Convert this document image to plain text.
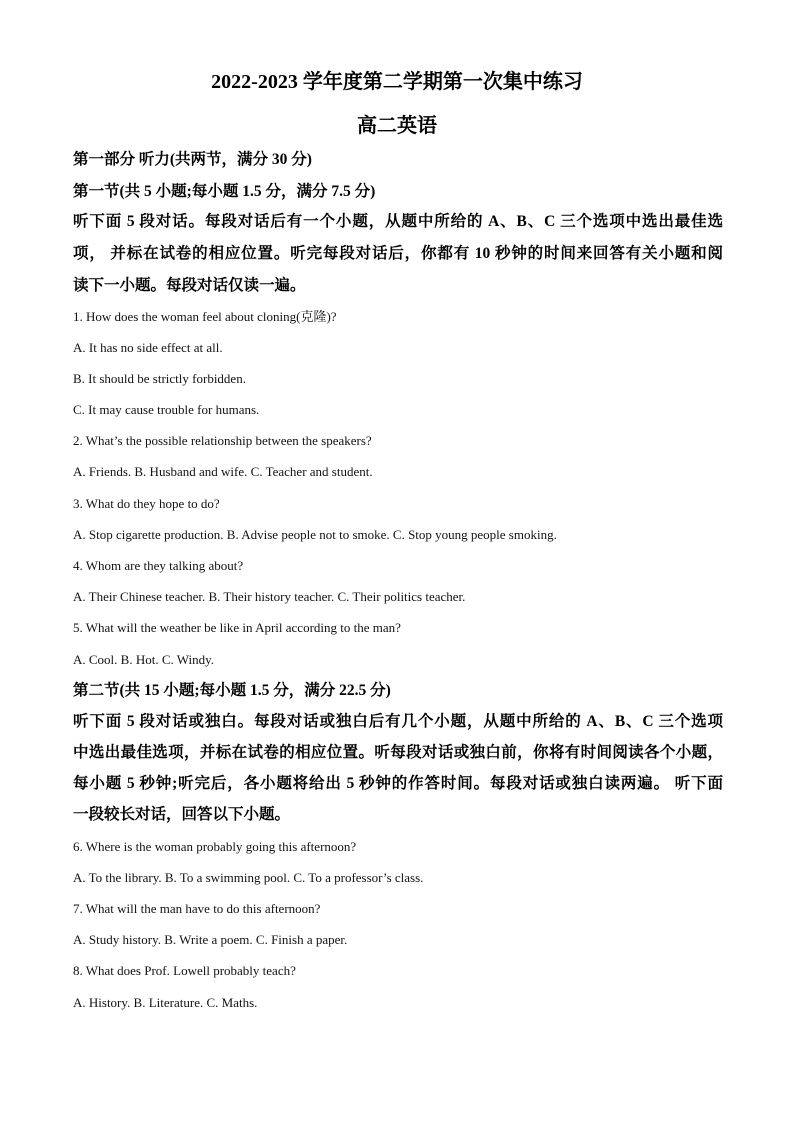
2022-2023 学年度第二学期第一次集中练习
高二英语
第一部分 听力(共两节，满分 30 分)
第一节(共 5 小题;每小题 1.5 分，满分 7.5 分)
听下面 5 段对话。每段对话后有一个小题，从题中所给的 A、B、C 三个选项中选出最佳选
项， 并标在试卷的相应位置。听完每段对话后，你都有 10 秒钟的时间来回答有关小题和阅
读下一小题。每段对话仅读一遍。
1. How does the woman feel about cloning(克隆)?
A. It has no side effect at all.
B. It should be strictly forbidden.
C. It may cause trouble for humans.
2. What’s the possible relationship between the speakers?
A. Friends. B. Husband and wife. C. Teacher and student.
3. What do they hope to do?
A. Stop cigarette production. B. Advise people not to smoke. C. Stop young people smoking.
4. Whom are they talking about?
A. Their Chinese teacher. B. Their history teacher. C. Their politics teacher.
5. What will the weather be like in April according to the man?
A. Cool. B. Hot. C. Windy.
第二节(共 15 小题;每小题 1.5 分，满分 22.5 分)
听下面 5 段对话或独白。每段对话或独白后有几个小题，从题中所给的 A、B、C 三个选项
中选出最佳选项，并标在试卷的相应位置。听每段对话或独白前，你将有时间阅读各个小题，
每小题 5 秒钟;听完后，各小题将给出 5 秒钟的作答时间。每段对话或独白读两遍。 听下面
一段较长对话，回答以下小题。
6. Where is the woman probably going this afternoon?
A. To the library. B. To a swimming pool. C. To a professor’s class.
7. What will the man have to do this afternoon?
A. Study history. B. Write a poem. C. Finish a paper.
8. What does Prof. Lowell probably teach?
A. History. B. Literature. C. Maths.
